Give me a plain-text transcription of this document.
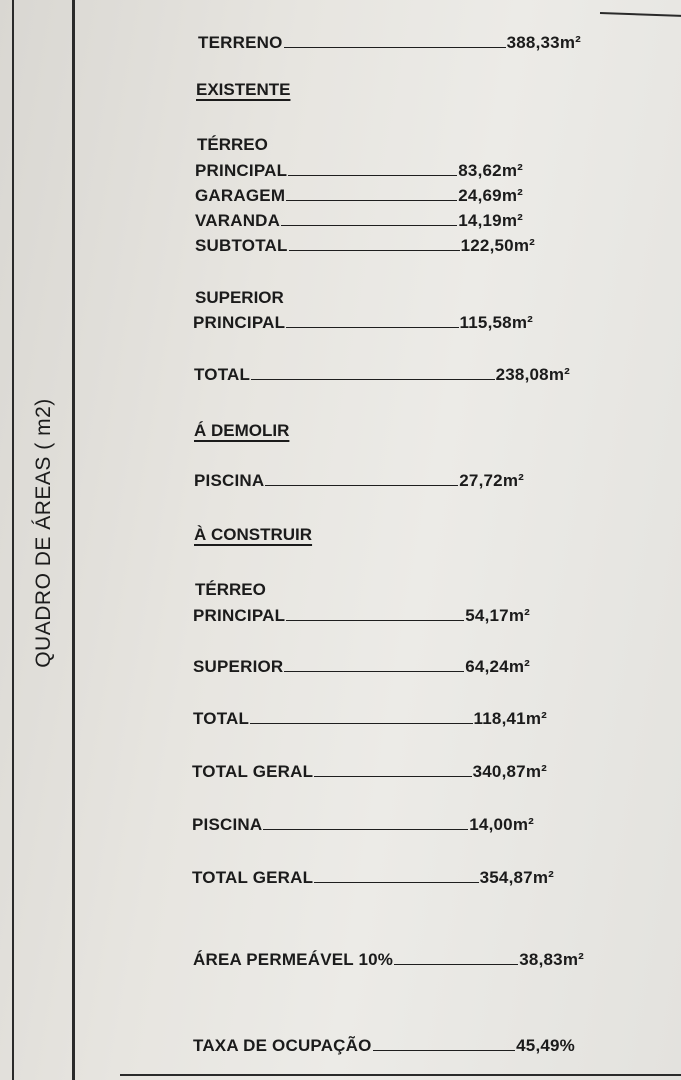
QUADRO DE ÁREAS ( m2)
TERRENO	388,33m²
EXISTENTE
TÉRREO
PRINCIPAL	83,62m²
GARAGEM	24,69m²
VARANDA	14,19m²
SUBTOTAL	122,50m²
SUPERIOR
PRINCIPAL	115,58m²
TOTAL	238,08m²
Á DEMOLIR
PISCINA	27,72m²
À CONSTRUIR
TÉRREO
PRINCIPAL	54,17m²
SUPERIOR	64,24m²
TOTAL	118,41m²
TOTAL GERAL	340,87m²
PISCINA	14,00m²
TOTAL GERAL	354,87m²
ÁREA PERMEÁVEL 10%	38,83m²
TAXA DE OCUPAÇÃO	45,49%
